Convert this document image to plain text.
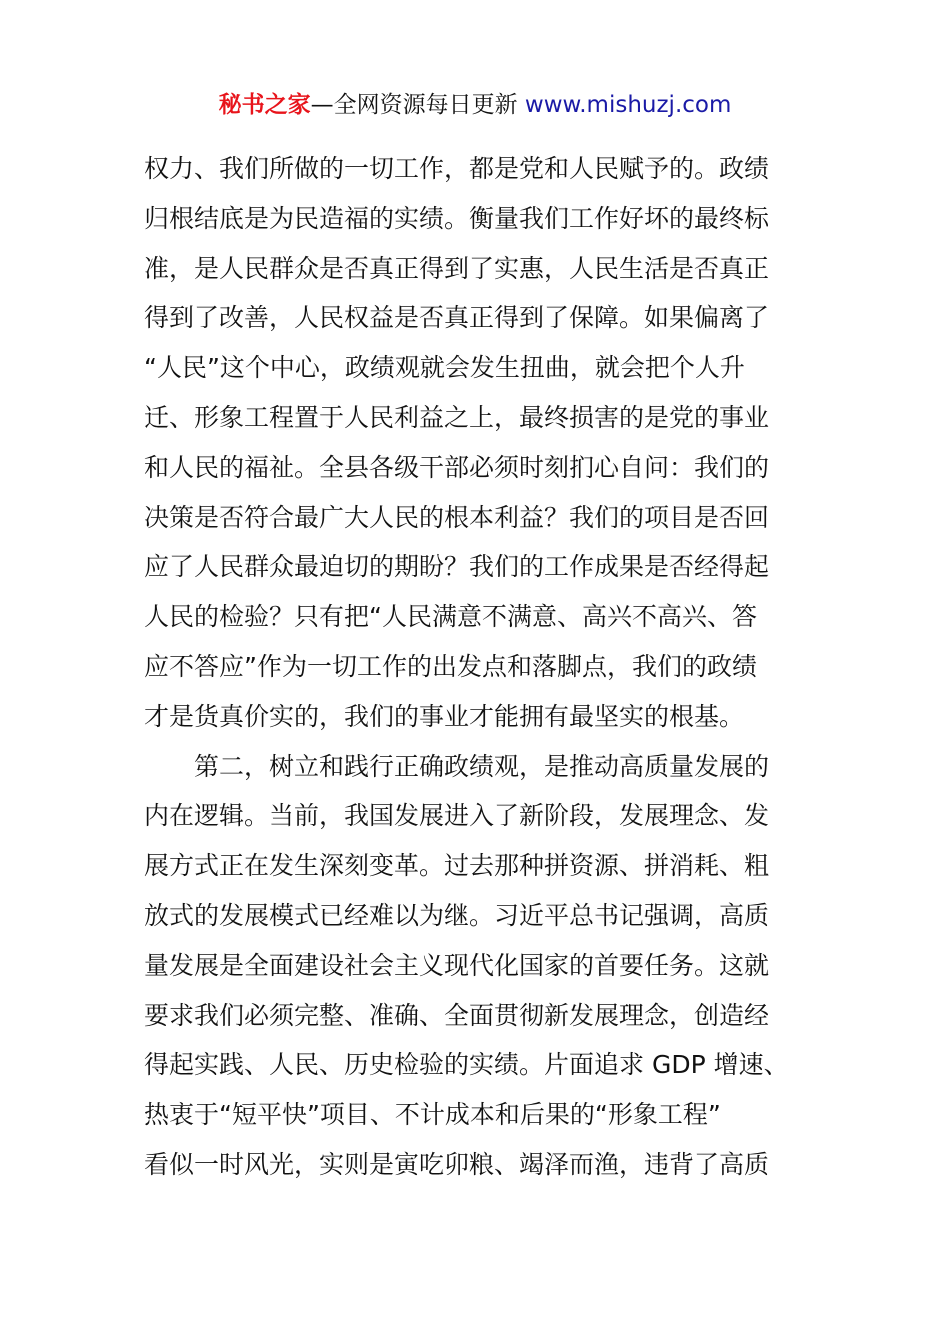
秘书之家—全网资源每日更新 www.mishuzj.com
权力、我们所做的一切工作，都是党和人民赋予的。政绩
归根结底是为民造福的实绩。衡量我们工作好坏的最终标
准，是人民群众是否真正得到了实惠，人民生活是否真正
得到了改善，人民权益是否真正得到了保障。如果偏离了
“人民”这个中心，政绩观就会发生扭曲，就会把个人升
迁、形象工程置于人民利益之上，最终损害的是党的事业
和人民的福祉。全县各级干部必须时刻扪心自问：我们的
决策是否符合最广大人民的根本利益？我们的项目是否回
应了人民群众最迫切的期盼？我们的工作成果是否经得起
人民的检验？只有把“人民满意不满意、高兴不高兴、答
应不答应”作为一切工作的出发点和落脚点，我们的政绩
才是货真价实的，我们的事业才能拥有最坚实的根基。
　　第二，树立和践行正确政绩观，是推动高质量发展的
内在逻辑。当前，我国发展进入了新阶段，发展理念、发
展方式正在发生深刻变革。过去那种拼资源、拼消耗、粗
放式的发展模式已经难以为继。习近平总书记强调，高质
量发展是全面建设社会主义现代化国家的首要任务。这就
要求我们必须完整、准确、全面贯彻新发展理念，创造经
得起实践、人民、历史检验的实绩。片面追求 GDP 增速、
热衷于“短平快”项目、不计成本和后果的“形象工程”
看似一时风光，实则是寅吃卯粮、竭泽而渔，违背了高质
